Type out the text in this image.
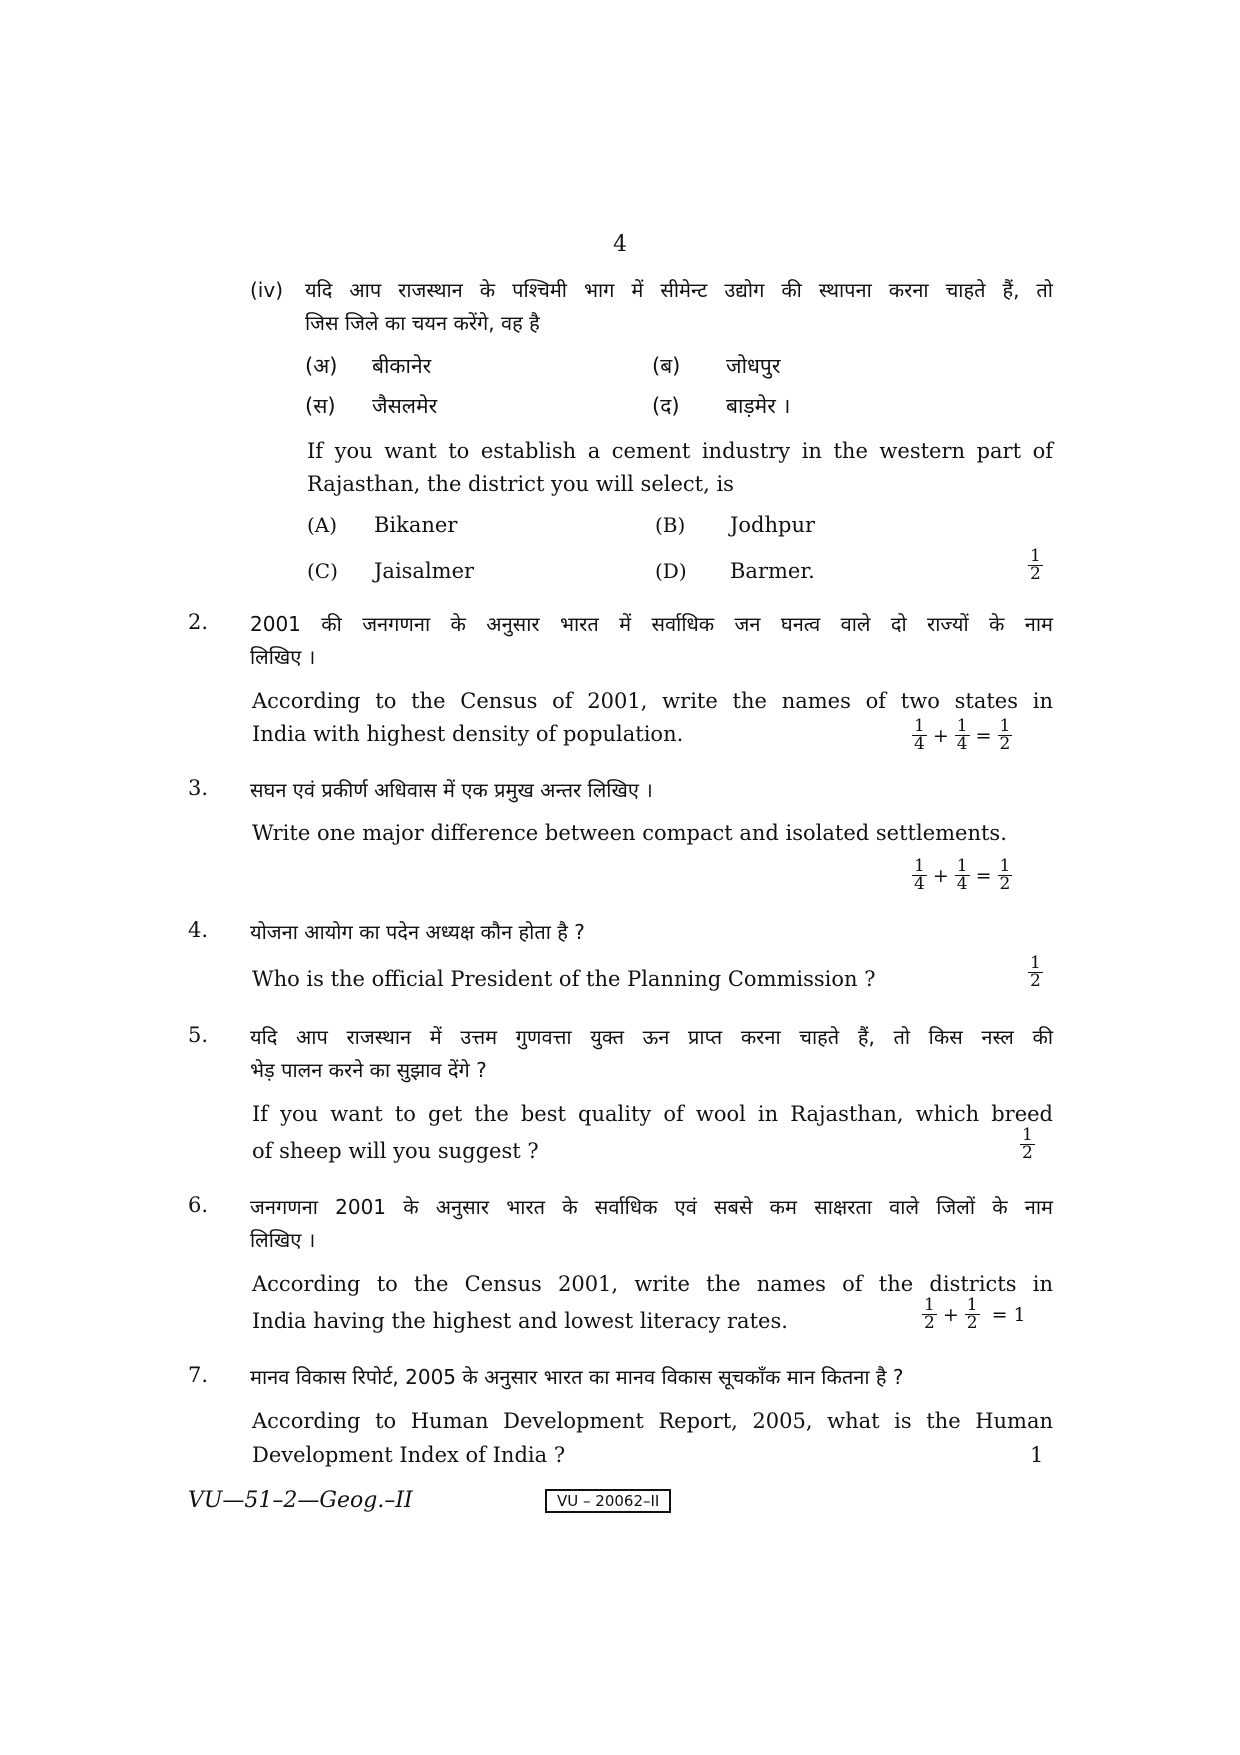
4
(iv)	यदि आप राजस्थान के पश्चिमी भाग में सीमेन्ट उद्योग की स्थापना करना चाहते हैं, तो
जिस जिले का चयन करेंगे, वह है
(अ) बीकानेर	(ब) जोधपुर
(स) जैसलमेर	(द) बाड़मेर ।
If you want to establish a cement industry in the western part of
Rajasthan, the district you will select, is
(A) Bikaner	(B) Jodhpur
(C) Jaisalmer	(D) Barmer.	$\frac{1}{2}$
2.	2001 की जनगणना के अनुसार भारत में सर्वाधिक जन घनत्व वाले दो राज्यों के नाम
लिखिए ।
According to the Census of 2001, write the names of two states in
India with highest density of population.	$\frac{1}{4} + \frac{1}{4} = \frac{1}{2}$
3.	सघन एवं प्रकीर्ण अधिवास में एक प्रमुख अन्तर लिखिए ।
Write one major difference between compact and isolated settlements.
$\frac{1}{4} + \frac{1}{4} = \frac{1}{2}$
4.	योजना आयोग का पदेन अध्यक्ष कौन होता है ?
Who is the official President of the Planning Commission ?	$\frac{1}{2}$
5.	यदि आप राजस्थान में उत्तम गुणवत्ता युक्त ऊन प्राप्त करना चाहते हैं, तो किस नस्ल की
भेड़ पालन करने का सुझाव देंगे ?
If you want to get the best quality of wool in Rajasthan, which breed
of sheep will you suggest ?	$\frac{1}{2}$
6.	जनगणना 2001 के अनुसार भारत के सर्वाधिक एवं सबसे कम साक्षरता वाले जिलों के नाम
लिखिए ।
According to the Census 2001, write the names of the districts in
India having the highest and lowest literacy rates.	$\frac{1}{2} + \frac{1}{2} = 1$
7.	मानव विकास रिपोर्ट, 2005 के अनुसार भारत का मानव विकास सूचकाँक मान कितना है ?
According to Human Development Report, 2005, what is the Human
Development Index of India ?	1
VU—51–2—Geog.–II	VU – 20062–II
